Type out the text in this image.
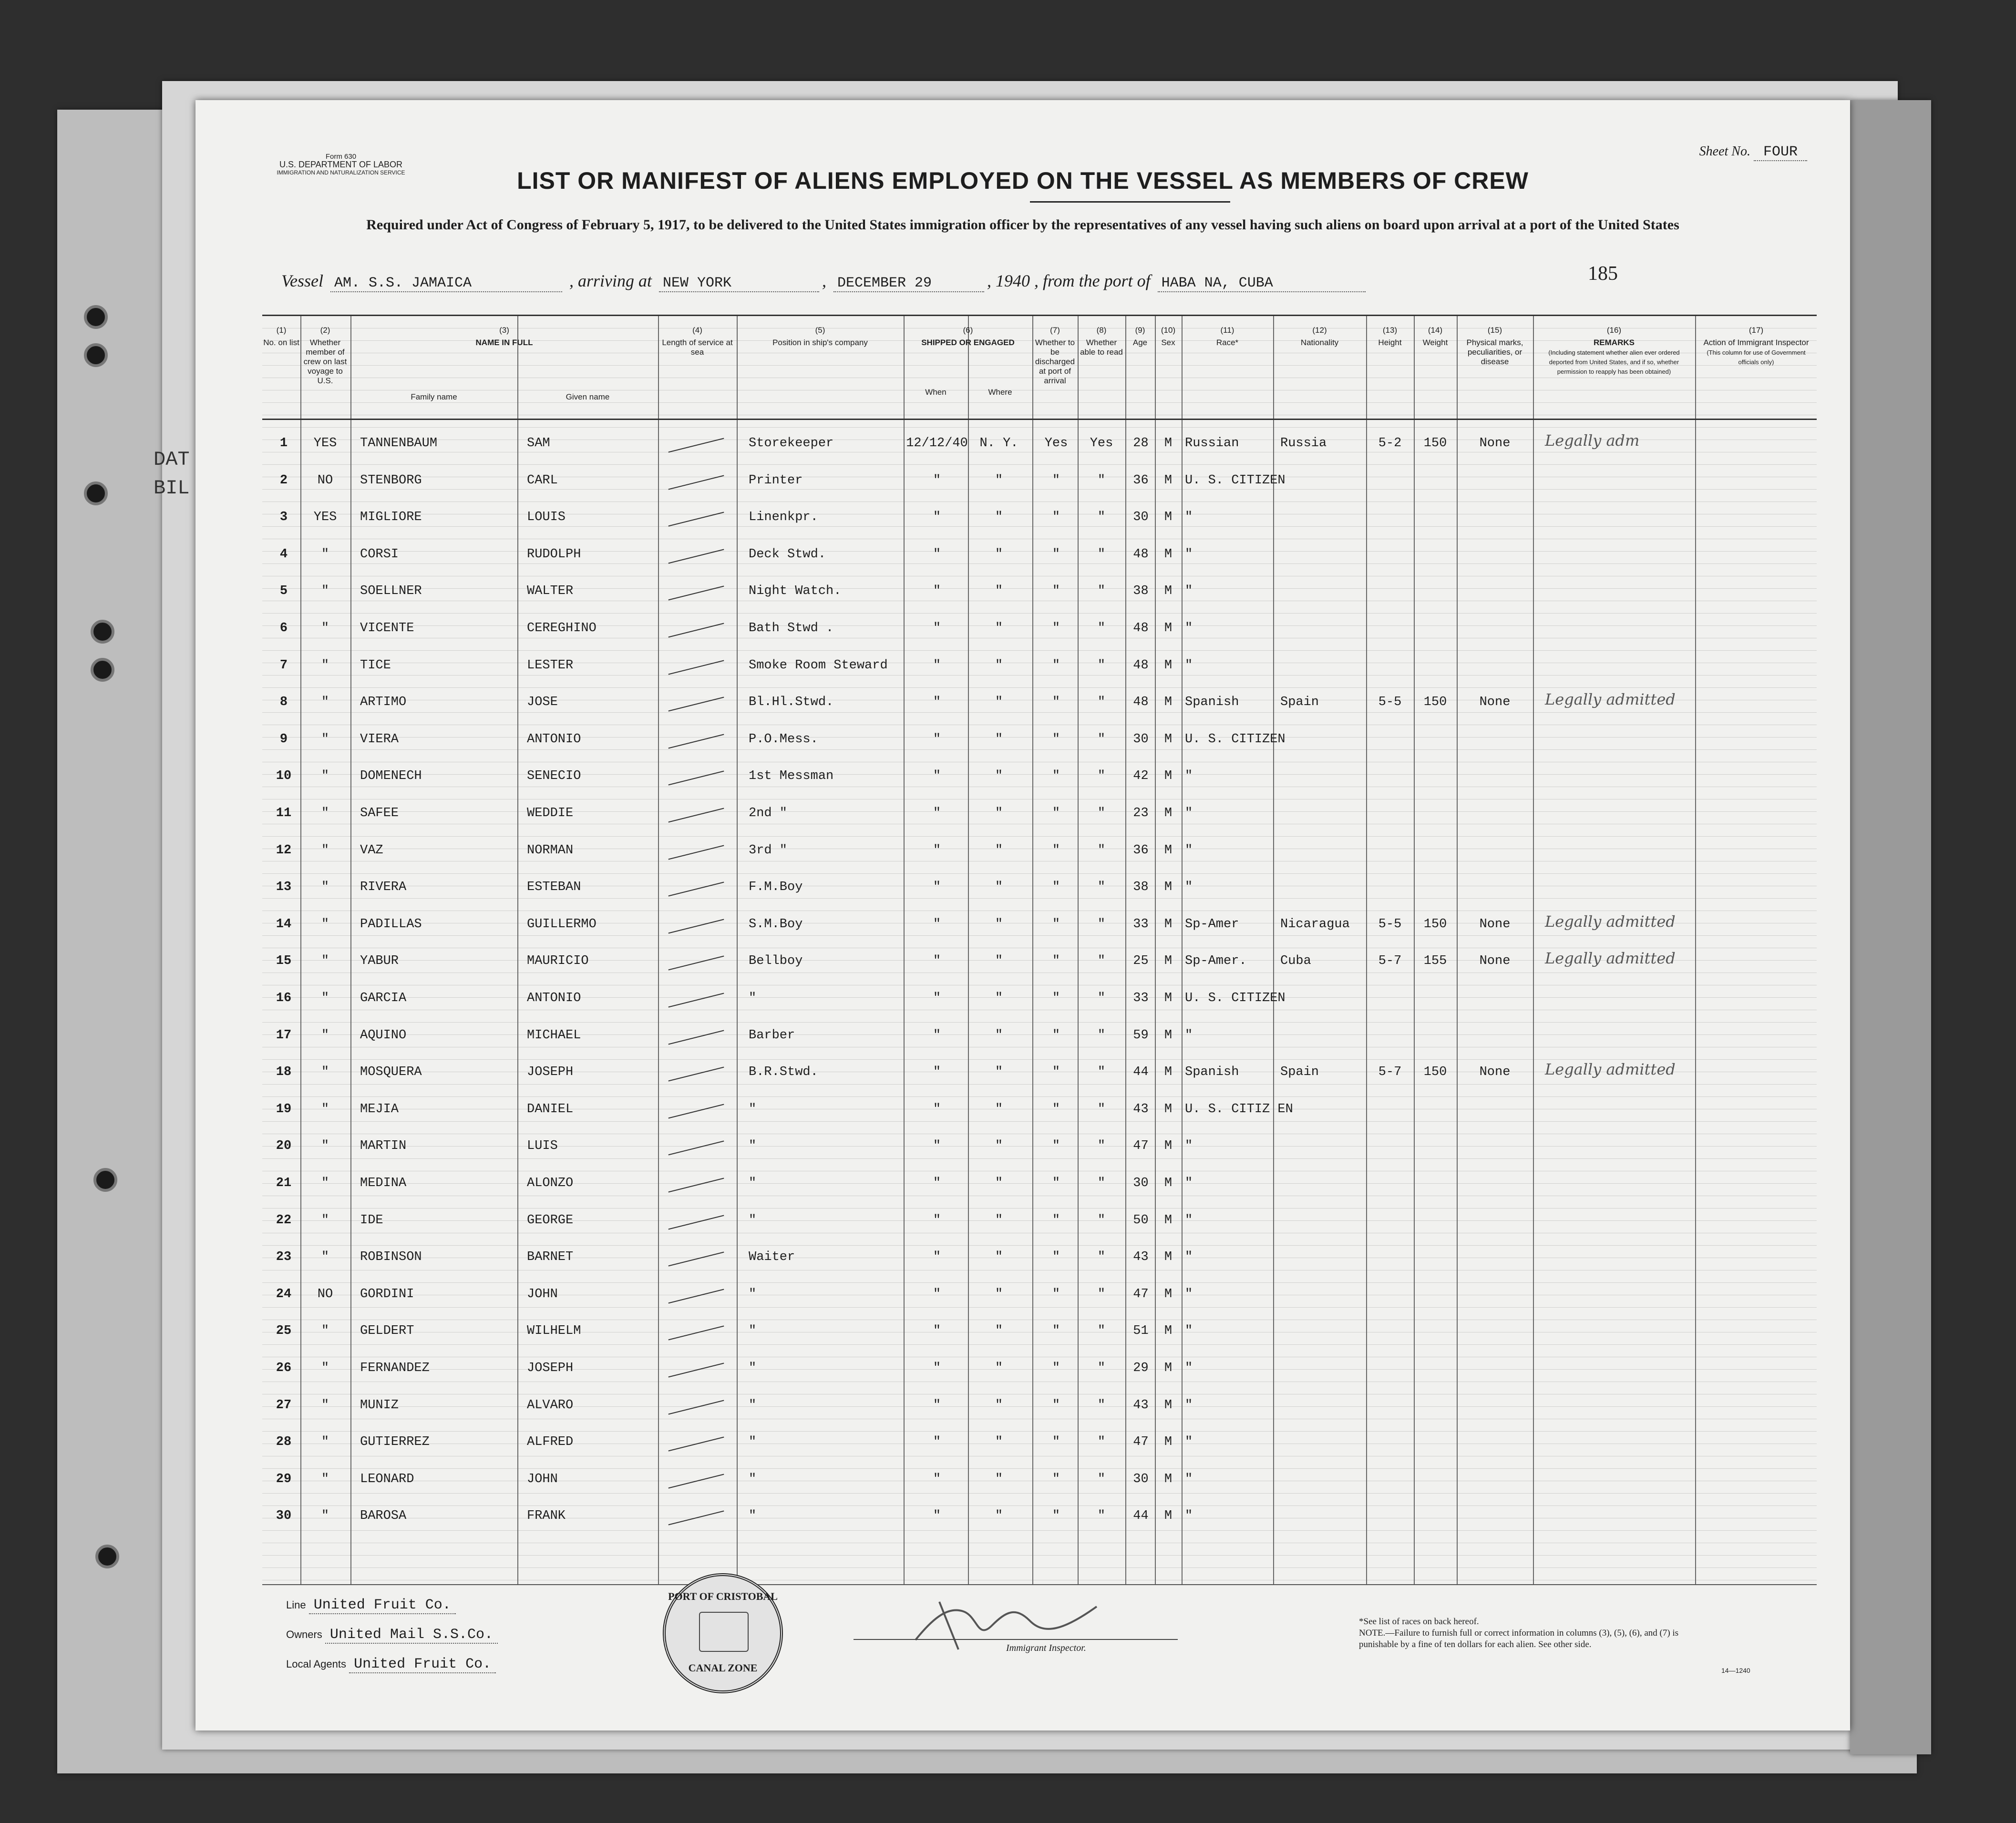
DAT
BIL
Form 630
U.S. DEPARTMENT OF LABOR
IMMIGRATION AND NATURALIZATION SERVICE
Sheet No. FOUR
LIST OR MANIFEST OF ALIENS EMPLOYED ON THE VESSEL AS MEMBERS OF CREW
Required under Act of Congress of February 5, 1917, to be delivered to the United States immigration officer by the representatives of any vessel having such aliens on board upon arrival at a port of the United States
Vessel AM. S.S. JAMAICA	, arriving at NEW YORK	, DECEMBER 29	, 1940 , from the port of HABA NA, CUBA	185
(1)
No. on list
(2)
Whether member of crew on last voyage to U.S.
(3)
NAME IN FULL
Family name	Given name
(4)
Length of service at sea
(5)
Position in ship's company
(6)
SHIPPED OR ENGAGED
When	Where
(7)
Whether to be discharged at port of arrival
(8)
Whether able to read
(9)
Age
(10)
Sex
(11)
Race*
(12)
Nationality
(13)
Height
(14)
Weight
(15)
Physical marks, peculiarities, or disease
(16)
REMARKS
(Including statement whether alien ever ordered deported from United States, and if so, whether permission to reapply has been obtained)
(17)
Action of Immigrant Inspector
(This column for use of Government officials only)
1	YES	TANNENBAUM	SAM	Storekeeper	12/12/40 N. Y.	Yes	Yes	28	M Russian	Russia	5-2	150	None	Legally adm
2	NO	STENBORG	CARL	Printer	"	"	"	"	36	M U. S. CITIZEN
3	YES	MIGLIORE	LOUIS	Linenkpr.	"	"	"	"	30	M "
4	"	CORSI	RUDOLPH	Deck Stwd.	"	"	"	"	48	M "
5	"	SOELLNER	WALTER	Night Watch.	"	"	"	"	38	M "
6	"	VICENTE	CEREGHINO	Bath Stwd .	"	"	"	"	48	M "
7	"	TICE	LESTER	Smoke Room Steward	"	"	"	"	48	M "
8	"	ARTIMO	JOSE	Bl.Hl.Stwd.	"	"	"	"	48	M Spanish	Spain	5-5	150	None	Legally admitted
9	"	VIERA	ANTONIO	P.O.Mess.	"	"	"	"	30	M U. S. CITIZEN
10	"	DOMENECH	SENECIO	1st Messman	"	"	"	"	42	M "
11	"	SAFEE	WEDDIE	2nd "	"	"	"	"	23	M "
12	"	VAZ	NORMAN	3rd "	"	"	"	"	36	M "
13	"	RIVERA	ESTEBAN	F.M.Boy	"	"	"	"	38	M "
14	"	PADILLAS	GUILLERMO	S.M.Boy	"	"	"	"	33	M Sp-Amer	Nicaragua	5-5	150	None	Legally admitted
15	"	YABUR	MAURICIO	Bellboy	"	"	"	"	25	M Sp-Amer.	Cuba	5-7	155	None	Legally admitted
16	"	GARCIA	ANTONIO	"	"	"	"	"	33	M U. S. CITIZEN
17	"	AQUINO	MICHAEL	Barber	"	"	"	"	59	M "
18	"	MOSQUERA	JOSEPH	B.R.Stwd.	"	"	"	"	44	M Spanish	Spain	5-7	150	None	Legally admitted
19	"	MEJIA	DANIEL	"	"	"	"	"	43	M U. S. CITIZ EN
20	"	MARTIN	LUIS	"	"	"	"	"	47	M "
21	"	MEDINA	ALONZO	"	"	"	"	"	30	M "
22	"	IDE	GEORGE	"	"	"	"	"	50	M "
23	"	ROBINSON	BARNET	Waiter	"	"	"	"	43	M "
24	NO	GORDINI	JOHN	"	"	"	"	"	47	M "
25	"	GELDERT	WILHELM	"	"	"	"	"	51	M "
26	"	FERNANDEZ	JOSEPH	"	"	"	"	"	29	M "
27	"	MUNIZ	ALVARO	"	"	"	"	"	43	M "
28	"	GUTIERREZ	ALFRED	"	"	"	"	"	47	M "
29	"	LEONARD	JOHN	"	"	"	"	"	30	M "
30	"	BAROSA	FRANK	"	"	"	"	"	44	M "
Line United Fruit Co.
Owners United Mail S.S.Co.
Local Agents United Fruit Co.
PORT OF CRISTOBAL
CANAL ZONE
Immigrant Inspector.
*See list of races on back hereof.
NOTE.—Failure to furnish full or correct information in columns (3), (5), (6), and (7) is punishable by a fine of ten dollars for each alien. See other side.
14—1240
